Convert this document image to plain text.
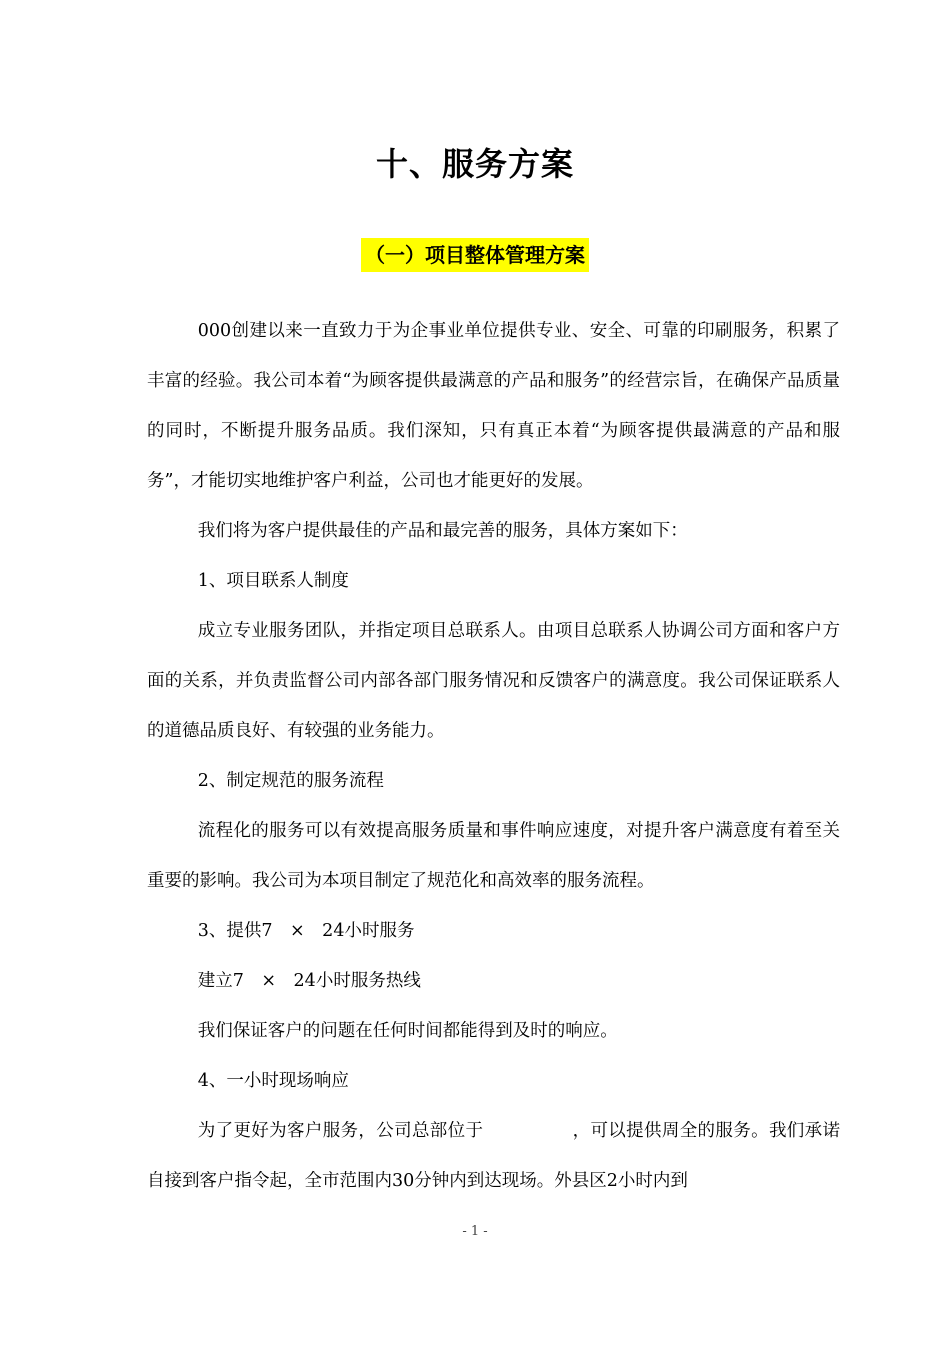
十、服务方案
（一）项目整体管理方案

000创建以来一直致力于为企事业单位提供专业、安全、可靠的印刷服务，积累了丰富的经验。我公司本着“为顾客提供最满意的产品和服务”的经营宗旨，在确保产品质量的同时，不断提升服务品质。我们深知，只有真正本着“为顾客提供最满意的产品和服务”，才能切实地维护客户利益，公司也才能更好的发展。

我们将为客户提供最佳的产品和最完善的服务，具体方案如下：

1、项目联系人制度

成立专业服务团队，并指定项目总联系人。由项目总联系人协调公司方面和客户方面的关系，并负责监督公司内部各部门服务情况和反馈客户的满意度。我公司保证联系人的道德品质良好、有较强的业务能力。

2、制定规范的服务流程

流程化的服务可以有效提高服务质量和事件响应速度，对提升客户满意度有着至关重要的影响。我公司为本项目制定了规范化和高效率的服务流程。

3、提供7　×　24小时服务

建立7　×　24小时服务热线

我们保证客户的问题在任何时间都能得到及时的响应。

4、一小时现场响应

为了更好为客户服务，公司总部位于　　　　　，可以提供周全的服务。我们承诺自接到客户指令起，全市范围内30分钟内到达现场。外县区2小时内到

- 1 -
